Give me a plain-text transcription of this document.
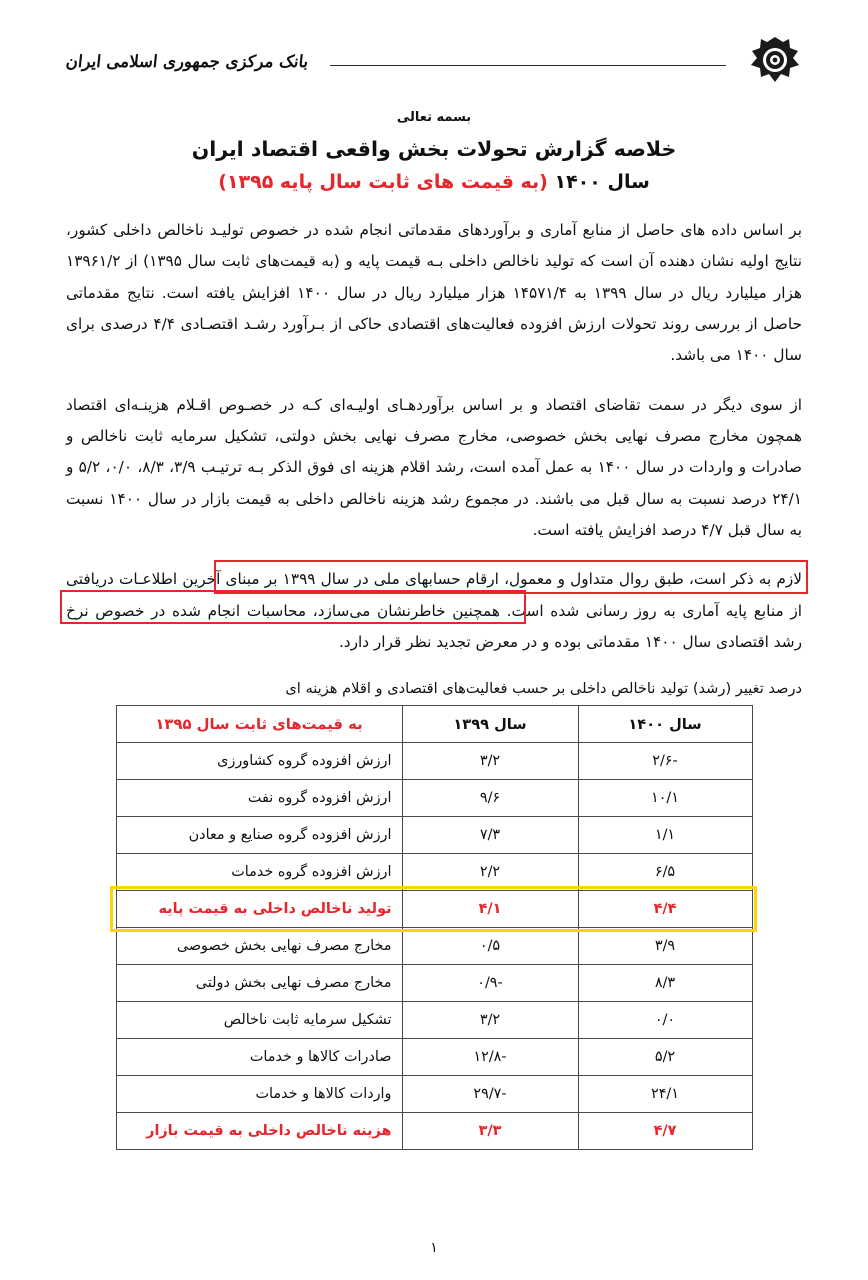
بانک مرکزی جمهوری اسلامی ایران
بسمه تعالی
خلاصه گزارش تحولات بخش واقعی اقتصاد ایران
سال ۱۴۰۰ (به قیمت های ثابت سال پایه ۱۳۹۵)

بر اساس داده های حاصل از منابع آماری و برآوردهای مقدماتی انجام شده در خصوص تولیـد ناخالص داخلی کشور، نتایج اولیه نشان دهنده آن است که تولید ناخالص داخلی بـه قیمت پایه و (به قیمت‌های ثابت سال ۱۳۹۵) از ۱۳۹۶۱/۲ هزار میلیارد ریال در سال ۱۳۹۹ به ۱۴۵۷۱/۴ هزار میلیارد ریال در سال ۱۴۰۰ افزایش یافته است. نتایج مقدماتی حاصل از بررسی روند تحولات ارزش افزوده فعالیت‌های اقتصادی حاکی از بـرآورد رشـد اقتصـادی ۴/۴ درصدی برای سال ۱۴۰۰ می باشد.

از سوی دیگر در سمت تقاضای اقتصاد و بر اساس برآوردهـای اولیـه‌ای کـه در خصـوص اقـلام هزینـه‌ای اقتصاد همچون مخارج مصرف نهایی بخش خصوصی، مخارج مصرف نهایی بخش دولتی، تشکیل سرمایه ثابت ناخالص و صادرات و واردات در سال ۱۴۰۰ به عمل آمده است، رشد اقلام هزینه ای فوق الذکر بـه ترتیـب ۳/۹، ۸/۳، ۰/۰، ۵/۲ و ۲۴/۱ درصد نسبت به سال قبل می باشند. در مجموع رشد هزینه ناخالص داخلی به قیمت بازار در سال ۱۴۰۰ نسبت به سال قبل ۴/۷ درصد افزایش یافته است.

لازم به ذکر است، طبق روال متداول و معمول، ارقام حسابهای ملی در سال ۱۳۹۹ بر مبنای آخرین اطلاعـات دریافتی از منابع پایه آماری به روز رسانی شده است. همچنین خاطرنشان می‌سازد، محاسبات انجام شده در خصوص نرخ رشد اقتصادی سال ۱۴۰۰ مقدماتی بوده و در معرض تجدید نظر قرار دارد.

درصد تغییر (رشد) تولید ناخالص داخلی بر حسب فعالیت‌های اقتصادی و اقلام هزینه ای
سال ۱۴۰۰	سال ۱۳۹۹	به قیمت‌های ثابت سال ۱۳۹۵
-۲/۶	۳/۲	ارزش افزوده گروه کشاورزی
۱۰/۱	۹/۶	ارزش افزوده گروه نفت
۱/۱	۷/۳	ارزش افزوده گروه صنایع و معادن
۶/۵	۲/۲	ارزش افزوده گروه خدمات
۴/۴	۴/۱	تولید ناخالص داخلی به قیمت پایه
۳/۹	۰/۵	مخارج مصرف نهایی بخش خصوصی
۸/۳	-۰/۹	مخارج مصرف نهایی بخش دولتی
۰/۰	۳/۲	تشکیل سرمایه ثابت ناخالص
۵/۲	-۱۲/۸	صادرات کالاها و خدمات
۲۴/۱	-۲۹/۷	واردات کالاها و خدمات
۴/۷	۳/۳	هزینه ناخالص داخلی به قیمت بازار
۱
